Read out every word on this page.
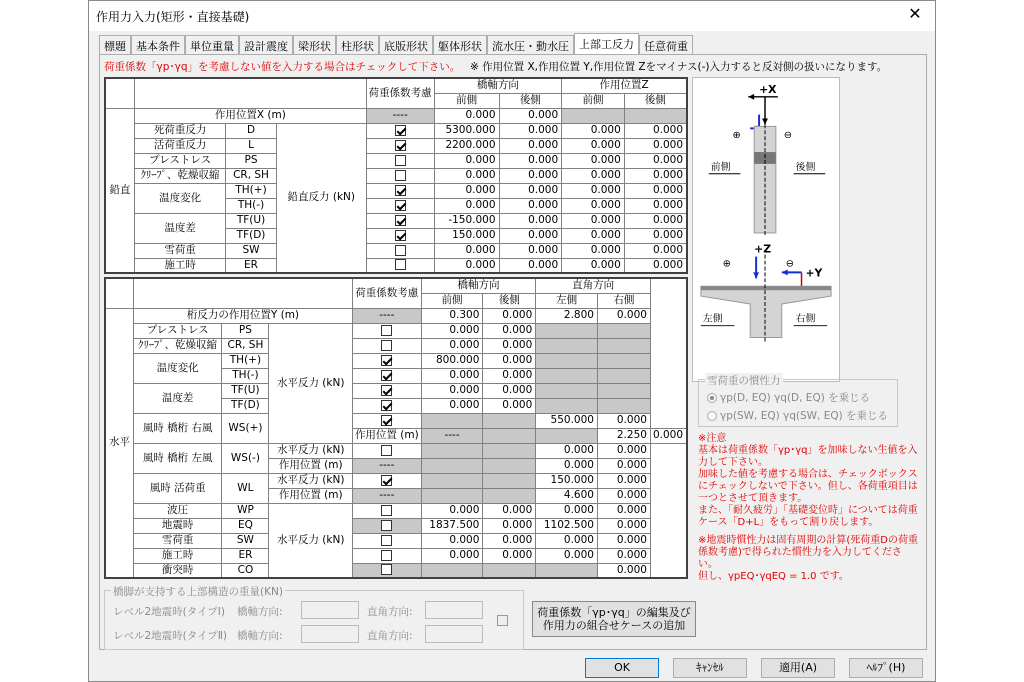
作用力入力(矩形・直接基礎)	✕
標題 基本条件 単位重量 設計震度 梁形状 柱形状 底版形状 躯体形状 流水圧・動水圧 上部工反力 任意荷重
荷重係数「γp･γq」を考慮しない値を入力する場合はチェックして下さい。 ※ 作用位置 X,作用位置 Y,作用位置 Zをマイナス(-)入力すると反対側の扱いになります。
				荷重係数考慮	橋軸方向		作用位置Z	
					前側	後側	前側	後側
鉛直	作用位置X (m)			----	0.000	0.000		
	死荷重反力	D	鉛直反力 (kN)		5300.000	0.000	0.000	0.000
	活荷重反力	L			2200.000	0.000	0.000	0.000
	プレストレス	PS			0.000	0.000	0.000	0.000
	ｸﾘｰﾌﾟ、乾燥収縮	CR, SH			0.000	0.000	0.000	0.000
	温度変化	TH(+)			0.000	0.000	0.000	0.000
		TH(-)			0.000	0.000	0.000	0.000
	温度差	TF(U)			-150.000	0.000	0.000	0.000
		TF(D)			150.000	0.000	0.000	0.000
	雪荷重	SW			0.000	0.000	0.000	0.000
	施工時	ER			0.000	0.000	0.000	0.000
				荷重係数考慮	橋軸方向		直角方向		
					前側	後側	左側	右側	
水平	桁反力の作用位置Y (m)			----	0.300	0.000	2.800	0.000	
	プレストレス	PS	水平反力 (kN)		0.000	0.000			
	ｸﾘｰﾌﾟ、乾燥収縮	CR, SH			0.000	0.000			
	温度変化	TH(+)			800.000	0.000			
		TH(-)			0.000	0.000			
	温度差	TF(U)			0.000	0.000			
		TF(D)			0.000	0.000			
	風時 橋桁 右風	WS(+)					550.000	0.000	
				作用位置 (m)	----			2.250	0.000
	風時 橋桁 左風	WS(-)	水平反力 (kN)				0.000	0.000	
			作用位置 (m)	----			0.000	0.000	
	風時 活荷重	WL	水平反力 (kN)				150.000	0.000	
			作用位置 (m)	----			4.600	0.000	
	波圧	WP	水平反力 (kN)		0.000	0.000	0.000	0.000	
	地震時	EQ			1837.500	0.000	1102.500	0.000	
	雪荷重	SW			0.000	0.000	0.000	0.000	
	施工時	ER			0.000	0.000	0.000	0.000	
	衝突時	CO						0.000	
+X
⊕	⊖
前側	後側
+Z
⊕	⊖
+Y
左側	右側
雪荷重の慣性力
γp(D, EQ) γq(D, EQ) を乗じる
γp(SW, EQ) γq(SW, EQ) を乗じる
※注意
基本は荷重係数「γp･γq」を加味しない生値を入力して下さい。
加味した値を考慮する場合は、チェックボックスにチェックしないで下さい。但し、各荷重項目は一つとさせて頂きます。
また、「耐久疲労」「基礎変位時」については荷重ケース「D+L」をもって割り戻します。
※地震時慣性力は固有周期の計算(死荷重Dの荷重係数考慮)で得られた慣性力を入力してください。
但し、γpEQ･γqEQ = 1.0 です。
橋脚が支持する上部構造の重量(KN)
レベル2地震時(タイプⅠ) 橋軸方向:	直角方向:
レベル2地震時(タイプⅡ) 橋軸方向:	直角方向:
荷重係数「γp･γq」の編集及び
作用力の組合せケースの追加
OK	ｷｬﾝｾﾙ	適用(A)	ﾍﾙﾌﾟ(H)
